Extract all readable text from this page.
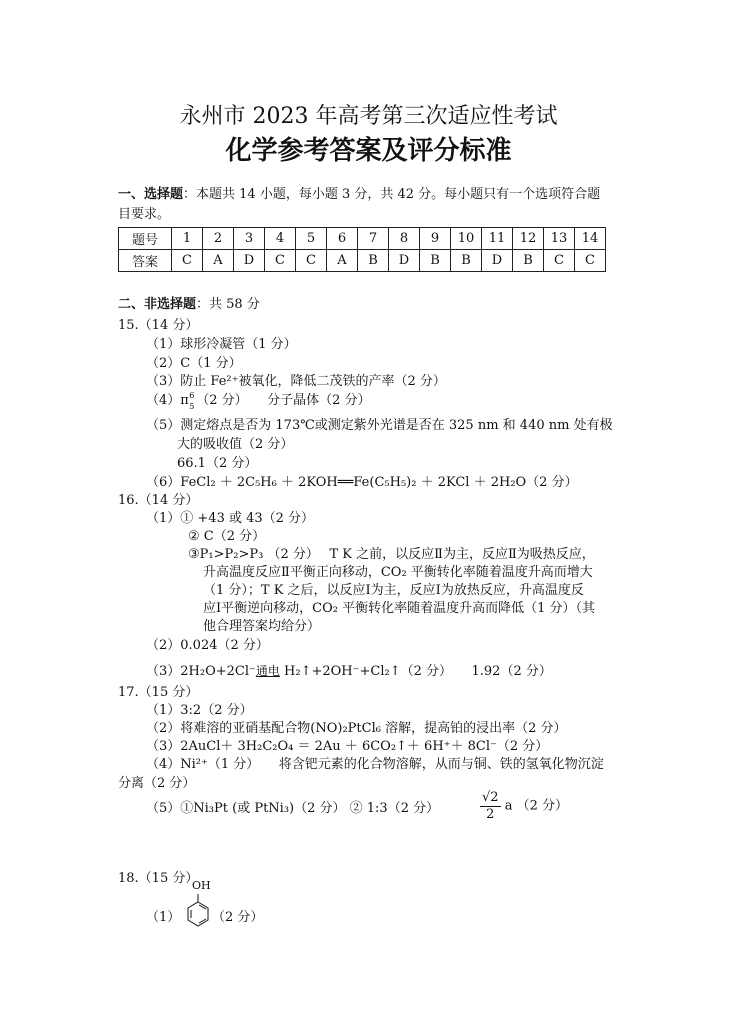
永州市 2023 年高考第三次适应性考试
化学参考答案及评分标准
一、选择题：本题共 14 小题，每小题 3 分，共 42 分。每小题只有一个选项符合题
目要求。
题号	1	2	3	4	5	6	7	8	9	10	11	12	13	14
答案	C	A	D	C	C	A	B	D	B	B	D	B	C	C
二、非选择题：共 58 分
15.（14 分）
（1）球形冷凝管（1 分）
（2）C（1 分）
（3）防止 Fe²⁺被氧化，降低二茂铁的产率（2 分）
（4）π 6
5 （2 分）　　分子晶体（2 分）
（5）测定熔点是否为 173℃或测定紫外光谱是否在 325 nm 和 440 nm 处有极
大的吸收值（2 分）
66.1（2 分）
（6）FeCl₂ ＋ 2C₅H₆ ＋ 2KOH══Fe(C₅H₅)₂ ＋ 2KCl ＋ 2H₂O（2 分）
16.（14 分）
（1）① +43 或 43（2 分）
② C（2 分）
③P₁>P₂>P₃ （2 分）　 T K 之前，以反应Ⅱ为主，反应Ⅱ为吸热反应，
升高温度反应Ⅱ平衡正向移动，CO₂ 平衡转化率随着温度升高而增大
（1 分）；T K 之后，以反应Ⅰ为主，反应Ⅰ为放热反应，升高温度反
应Ⅰ平衡逆向移动，CO₂ 平衡转化率随着温度升高而降低（1 分）（其
他合理答案均给分）
（2）0.024（2 分）
（3）2H₂O+2Cl⁻通电 H₂↑+2OH⁻+Cl₂↑（2 分）　　1.92（2 分）
17.（15 分）
（1）3:2（2 分）
（2）将难溶的亚硝基配合物(NO)₂PtCl₆ 溶解，提高铂的浸出率（2 分）
（3）2AuCl＋ 3H₂C₂O₄ ＝ 2Au ＋ 6CO₂↑＋ 6H⁺＋ 8Cl⁻（2 分）
（4）Ni²⁺（1 分）　　将含钯元素的化合物溶解，从而与铜、铁的氢氧化物沉淀
分离（2 分）
（5）①Ni₃Pt (或 PtNi₃)（2 分） ② 1:3（2 分）	$\frac{√2}{2}$ a （2 分）
18.（15 分）
（1）
OH
（2 分）
